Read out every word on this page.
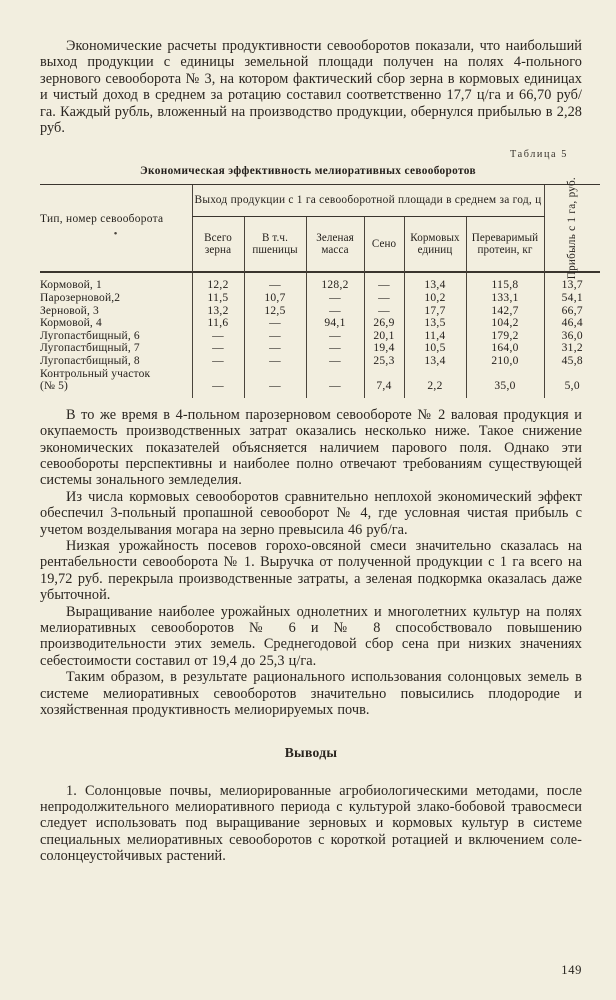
Экономические расчеты продуктивности севооборотов показали, что наибольший выход продукции с единицы земельной площади получен на полях 4-польного зернового севооборота № 3, на котором фактический сбор зерна в кормовых единицах и чистый доход в среднем за ротацию составил соответственно 17,7 ц/га и 66,70 руб/га. Каждый рубль, вложенный на производство продукции, обернулся прибылью в 2,28 руб.

Таблица 5
Экономическая эффективность мелиоративных севооборотов
Тип, номер севооборота
•	Выход продукции с 1 га севооборотной площади в среднем за год, ц						Прибыль с 1 га, руб.

	Всего зерна	В т.ч. пшеницы	Зеленая масса	Сено	Кормовых единиц	Переваримый протеин, кг	

Кормовой, 1	12,2	—	128,2	—	13,4	115,8	13,7
Парозерновой,2	11,5	10,7	—	—	10,2	133,1	54,1
Зерновой, 3	13,2	12,5	—	—	17,7	142,7	66,7
Кормовой, 4	11,6	—	94,1	26,9	13,5	104,2	46,4
Лугопастбищный, 6	—	—	—	20,1	11,4	179,2	36,0
Лугопастбищный, 7	—	—	—	19,4	10,5	164,0	31,2
Лугопастбищный, 8	—	—	—	25,3	13,4	210,0	45,8
Контрольный участок							
(№ 5)	—	—	—	7,4	2,2	35,0	5,0

В то же время в 4-польном парозерновом севообороте № 2 валовая продукция и окупаемость производственных затрат оказались несколько ниже. Такое снижение экономических показателей объясняется наличием парового поля. Однако эти севообороты перспективны и наиболее полно отвечают требованиям существующей системы зонального земледелия.

Из числа кормовых севооборотов сравнительно неплохой экономический эффект обеспечил 3-польный пропашной севооборот № 4, где условная чистая прибыль с учетом возделывания могара на зерно превысила 46 руб/га.

Низкая урожайность посевов горохо-овсяной смеси значительно сказалась на рентабельности севооборота № 1. Выручка от полученной продукции с 1 га всего на 19,72 руб. перекрыла производственные затраты, а зеленая подкормка оказалась даже убыточной.

Выращивание наиболее урожайных однолетних и многолетних культур на полях мелиоративных севооборотов № 6 и № 8 способствовало повышению производительности этих земель. Среднегодовой сбор сена при низких значениях себестоимости составил от 19,4 до 25,3 ц/га.

Таким образом, в результате рационального использования солонцовых земель в системе мелиоративных севооборотов значительно повысились плодородие и хозяйственная продуктивность мелиорируемых почв.

Выводы

1. Солонцовые почвы, мелиорированные агробиологическими методами, после непродолжительного мелиоративного периода с культурой злако-бобовой травосмеси следует использовать под выращивание зерновых и кормовых культур в системе специальных мелиоративных севооборотов с короткой ротацией и включением соле-солонцеустойчивых растений.

149
